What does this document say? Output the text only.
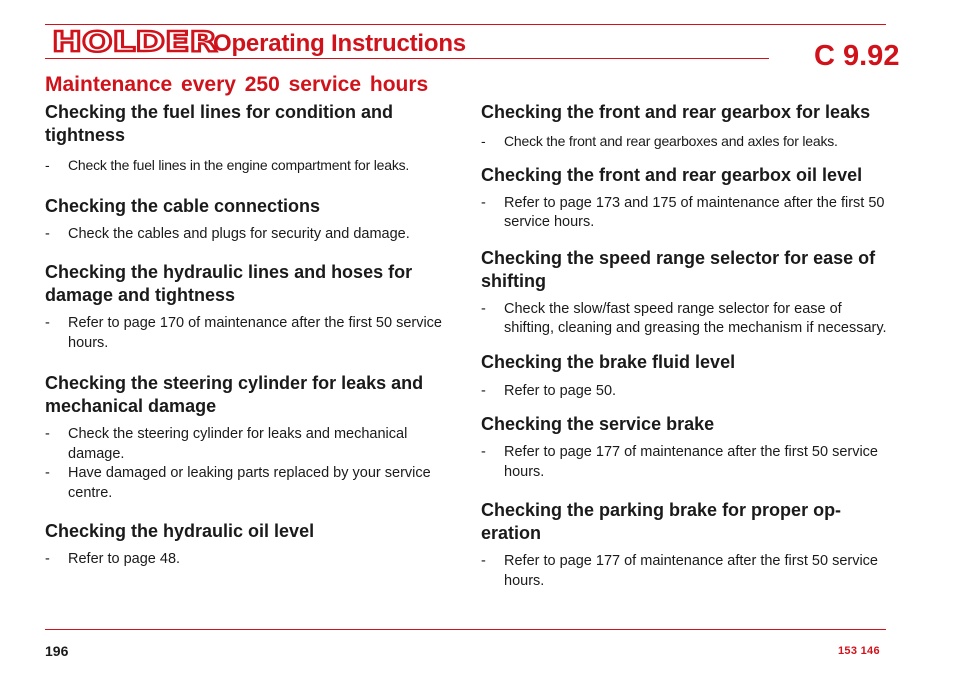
HOLDER
Operating Instructions	C 9.92
Maintenance every 250 service hours
Checking the fuel lines for condition and tightness
- Check the fuel lines in the engine compartment for leaks.
Checking the cable connections
- Check the cables and plugs for security and damage.
Checking the hydraulic lines and hoses for damage and tightness
- Refer to page 170 of maintenance after the first 50 service hours.
Checking the steering cylinder for leaks and mechanical damage
- Check the steering cylinder for leaks and mechanical damage.
- Have damaged or leaking parts replaced by your service centre.
Checking the hydraulic oil level
- Refer to page 48.
Checking the front and rear gearbox for leaks
- Check the front and rear gearboxes and axles for leaks.
Checking the front and rear gearbox oil level
- Refer to page 173 and 175 of maintenance after the first 50 service hours.
Checking the speed range selector for ease of shifting
- Check the slow/fast speed range selector for ease of shifting, cleaning and greasing the mechanism if necessary.
Checking the brake fluid level
- Refer to page 50.
Checking the service brake
- Refer to page 177 of maintenance after the first 50 service hours.
Checking the parking brake for proper op-eration
- Refer to page 177 of maintenance after the first 50 service hours.
196	153 146
